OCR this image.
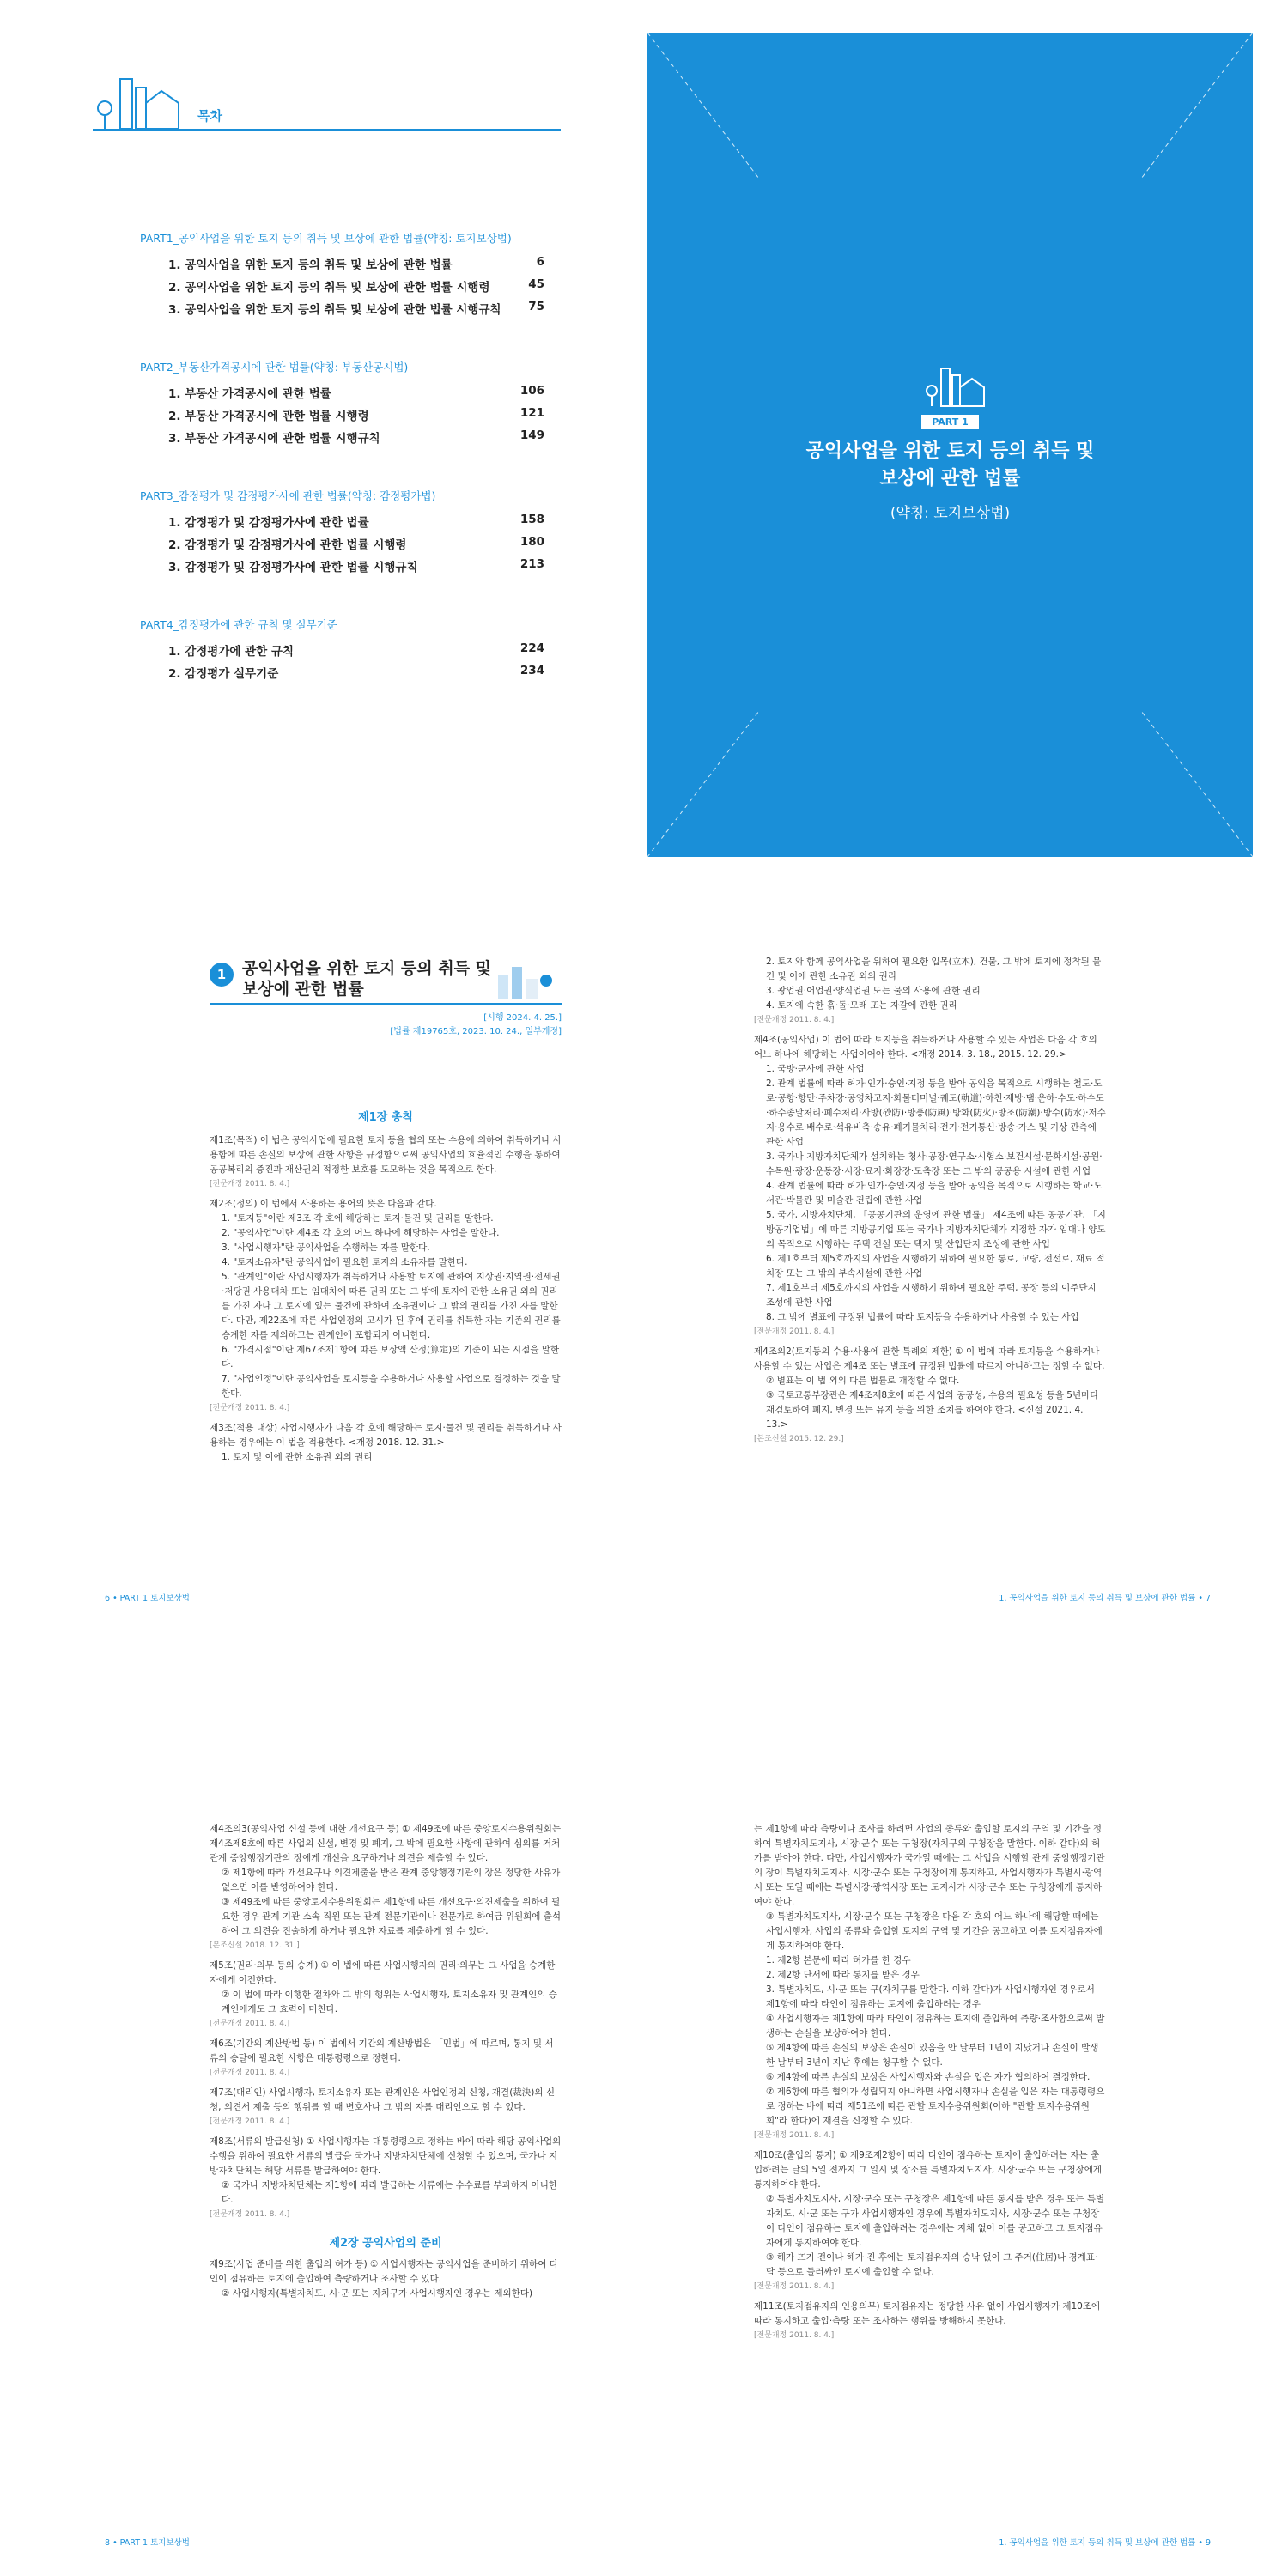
목차
PART1_공익사업을 위한 토지 등의 취득 및 보상에 관한 법률(약칭: 토지보상법)
1. 공익사업을 위한 토지 등의 취득 및 보상에 관한 법률	6
2. 공익사업을 위한 토지 등의 취득 및 보상에 관한 법률 시행령	45
3. 공익사업을 위한 토지 등의 취득 및 보상에 관한 법률 시행규칙 75
PART2_부동산가격공시에 관한 법률(약칭: 부동산공시법)
1. 부동산 가격공시에 관한 법률	106
2. 부동산 가격공시에 관한 법률 시행령	121
3. 부동산 가격공시에 관한 법률 시행규칙	149
PART3_감정평가 및 감정평가사에 관한 법률(약칭: 감정평가법)
1. 감정평가 및 감정평가사에 관한 법률	158
2. 감정평가 및 감정평가사에 관한 법률 시행령	180
3. 감정평가 및 감정평가사에 관한 법률 시행규칙	213
PART4_감정평가에 관한 규칙 및 실무기준
1. 감정평가에 관한 규칙	224
2. 감정평가 실무기준	234
PART 1
공익사업을 위한 토지 등의 취득 및
보상에 관한 법률
(약칭: 토지보상법)
1 공익사업을 위한 토지 등의 취득 및
보상에 관한 법률
[시행 2024. 4. 25.]
[법률 제19765호, 2023. 10. 24., 일부개정]
제1장 총칙
제1조(목적) 이 법은 공익사업에 필요한 토지 등을 협의 또는 수용에 의하여 취득하거나 사용함에 따른 손실의 보상에 관한 사항을 규정함으로써 공익사업의 효율적인 수행을 통하여 공공복리의 증진과 재산권의 적정한 보호를 도모하는 것을 목적으로 한다.
[전문개정 2011. 8. 4.]
제2조(정의) 이 법에서 사용하는 용어의 뜻은 다음과 같다.
1. "토지등"이란 제3조 각 호에 해당하는 토지·물건 및 권리를 말한다.
2. "공익사업"이란 제4조 각 호의 어느 하나에 해당하는 사업을 말한다.
3. "사업시행자"란 공익사업을 수행하는 자를 말한다.
4. "토지소유자"란 공익사업에 필요한 토지의 소유자를 말한다.
5. "관계인"이란 사업시행자가 취득하거나 사용할 토지에 관하여 지상권·지역권·전세권·저당권·사용대차 또는 임대차에 따른 권리 또는 그 밖에 토지에 관한 소유권 외의 권리를 가진 자나 그 토지에 있는 물건에 관하여 소유권이나 그 밖의 권리를 가진 자를 말한다. 다만, 제22조에 따른 사업인정의 고시가 된 후에 권리를 취득한 자는 기존의 권리를 승계한 자를 제외하고는 관계인에 포함되지 아니한다.
6. "가격시점"이란 제67조제1항에 따른 보상액 산정(算定)의 기준이 되는 시점을 말한다.
7. "사업인정"이란 공익사업을 토지등을 수용하거나 사용할 사업으로 결정하는 것을 말한다.
[전문개정 2011. 8. 4.]
제3조(적용 대상) 사업시행자가 다음 각 호에 해당하는 토지·물건 및 권리를 취득하거나 사용하는 경우에는 이 법을 적용한다. <개정 2018. 12. 31.>
1. 토지 및 이에 관한 소유권 외의 권리
6 • PART 1 토지보상법
2. 토지와 함께 공익사업을 위하여 필요한 입목(立木), 건물, 그 밖에 토지에 정착된 물건 및 이에 관한 소유권 외의 권리
3. 광업권·어업권·양식업권 또는 물의 사용에 관한 권리
4. 토지에 속한 흙·돌·모래 또는 자갈에 관한 권리
[전문개정 2011. 8. 4.]
제4조(공익사업) 이 법에 따라 토지등을 취득하거나 사용할 수 있는 사업은 다음 각 호의 어느 하나에 해당하는 사업이어야 한다. <개정 2014. 3. 18., 2015. 12. 29.>
1. 국방·군사에 관한 사업
2. 관계 법률에 따라 허가·인가·승인·지정 등을 받아 공익을 목적으로 시행하는 철도·도로·공항·항만·주차장·공영차고지·화물터미널·궤도(軌道)·하천·제방·댐·운하·수도·하수도·하수종말처리·폐수처리·사방(砂防)·방풍(防風)·방화(防火)·방조(防潮)·방수(防水)·저수지·용수로·배수로·석유비축·송유·폐기물처리·전기·전기통신·방송·가스 및 기상 관측에 관한 사업
3. 국가나 지방자치단체가 설치하는 청사·공장·연구소·시험소·보건시설·문화시설·공원·수목원·광장·운동장·시장·묘지·화장장·도축장 또는 그 밖의 공공용 시설에 관한 사업
4. 관계 법률에 따라 허가·인가·승인·지정 등을 받아 공익을 목적으로 시행하는 학교·도서관·박물관 및 미술관 건립에 관한 사업
5. 국가, 지방자치단체, 「공공기관의 운영에 관한 법률」 제4조에 따른 공공기관, 「지방공기업법」에 따른 지방공기업 또는 국가나 지방자치단체가 지정한 자가 임대나 양도의 목적으로 시행하는 주택 건설 또는 택지 및 산업단지 조성에 관한 사업
6. 제1호부터 제5호까지의 사업을 시행하기 위하여 필요한 통로, 교량, 전선로, 재료 적치장 또는 그 밖의 부속시설에 관한 사업
7. 제1호부터 제5호까지의 사업을 시행하기 위하여 필요한 주택, 공장 등의 이주단지 조성에 관한 사업
8. 그 밖에 별표에 규정된 법률에 따라 토지등을 수용하거나 사용할 수 있는 사업
[전문개정 2011. 8. 4.]
제4조의2(토지등의 수용·사용에 관한 특례의 제한) ① 이 법에 따라 토지등을 수용하거나 사용할 수 있는 사업은 제4조 또는 별표에 규정된 법률에 따르지 아니하고는 정할 수 없다.
② 별표는 이 법 외의 다른 법률로 개정할 수 없다.
③ 국토교통부장관은 제4조제8호에 따른 사업의 공공성, 수용의 필요성 등을 5년마다 재검토하여 폐지, 변경 또는 유지 등을 위한 조치를 하여야 한다. <신설 2021. 4. 13.>
[본조신설 2015. 12. 29.]
1. 공익사업을 위한 토지 등의 취득 및 보상에 관한 법률 • 7
제4조의3(공익사업 신설 등에 대한 개선요구 등) ① 제49조에 따른 중앙토지수용위원회는 제4조제8호에 따른 사업의 신설, 변경 및 폐지, 그 밖에 필요한 사항에 관하여 심의를 거쳐 관계 중앙행정기관의 장에게 개선을 요구하거나 의견을 제출할 수 있다.
② 제1항에 따라 개선요구나 의견제출을 받은 관계 중앙행정기관의 장은 정당한 사유가 없으면 이를 반영하여야 한다.
③ 제49조에 따른 중앙토지수용위원회는 제1항에 따른 개선요구·의견제출을 위하여 필요한 경우 관계 기관 소속 직원 또는 관계 전문기관이나 전문가로 하여금 위원회에 출석하여 그 의견을 진술하게 하거나 필요한 자료를 제출하게 할 수 있다.
[본조신설 2018. 12. 31.]
제5조(권리·의무 등의 승계) ① 이 법에 따른 사업시행자의 권리·의무는 그 사업을 승계한 자에게 이전한다.
② 이 법에 따라 이행한 절차와 그 밖의 행위는 사업시행자, 토지소유자 및 관계인의 승계인에게도 그 효력이 미친다.
[전문개정 2011. 8. 4.]
제6조(기간의 계산방법 등) 이 법에서 기간의 계산방법은 「민법」에 따르며, 통지 및 서류의 송달에 필요한 사항은 대통령령으로 정한다.
[전문개정 2011. 8. 4.]
제7조(대리인) 사업시행자, 토지소유자 또는 관계인은 사업인정의 신청, 재결(裁決)의 신청, 의견서 제출 등의 행위를 할 때 변호사나 그 밖의 자를 대리인으로 할 수 있다.
[전문개정 2011. 8. 4.]
제8조(서류의 발급신청) ① 사업시행자는 대통령령으로 정하는 바에 따라 해당 공익사업의 수행을 위하여 필요한 서류의 발급을 국가나 지방자치단체에 신청할 수 있으며, 국가나 지방자치단체는 해당 서류를 발급하여야 한다.
② 국가나 지방자치단체는 제1항에 따라 발급하는 서류에는 수수료를 부과하지 아니한다.
[전문개정 2011. 8. 4.]
제2장 공익사업의 준비
제9조(사업 준비를 위한 출입의 허가 등) ① 사업시행자는 공익사업을 준비하기 위하여 타인이 점유하는 토지에 출입하여 측량하거나 조사할 수 있다.
② 사업시행자(특별자치도, 시·군 또는 자치구가 사업시행자인 경우는 제외한다)
8 • PART 1 토지보상법
는 제1항에 따라 측량이나 조사를 하려면 사업의 종류와 출입할 토지의 구역 및 기간을 정하여 특별자치도지사, 시장·군수 또는 구청장(자치구의 구청장을 말한다. 이하 같다)의 허가를 받아야 한다. 다만, 사업시행자가 국가일 때에는 그 사업을 시행할 관계 중앙행정기관의 장이 특별자치도지사, 시장·군수 또는 구청장에게 통지하고, 사업시행자가 특별시·광역시 또는 도일 때에는 특별시장·광역시장 또는 도지사가 시장·군수 또는 구청장에게 통지하여야 한다.
③ 특별자치도지사, 시장·군수 또는 구청장은 다음 각 호의 어느 하나에 해당할 때에는 사업시행자, 사업의 종류와 출입할 토지의 구역 및 기간을 공고하고 이를 토지점유자에게 통지하여야 한다.
1. 제2항 본문에 따라 허가를 한 경우
2. 제2항 단서에 따라 통지를 받은 경우
3. 특별자치도, 시·군 또는 구(자치구를 말한다. 이하 같다)가 사업시행자인 경우로서 제1항에 따라 타인이 점유하는 토지에 출입하려는 경우
④ 사업시행자는 제1항에 따라 타인이 점유하는 토지에 출입하여 측량·조사함으로써 발생하는 손실을 보상하여야 한다.
⑤ 제4항에 따른 손실의 보상은 손실이 있음을 안 날부터 1년이 지났거나 손실이 발생한 날부터 3년이 지난 후에는 청구할 수 없다.
⑥ 제4항에 따른 손실의 보상은 사업시행자와 손실을 입은 자가 협의하여 결정한다.
⑦ 제6항에 따른 협의가 성립되지 아니하면 사업시행자나 손실을 입은 자는 대통령령으로 정하는 바에 따라 제51조에 따른 관할 토지수용위원회(이하 "관할 토지수용위원회"라 한다)에 재결을 신청할 수 있다.
[전문개정 2011. 8. 4.]
제10조(출입의 통지) ① 제9조제2항에 따라 타인이 점유하는 토지에 출입하려는 자는 출입하려는 날의 5일 전까지 그 일시 및 장소를 특별자치도지사, 시장·군수 또는 구청장에게 통지하여야 한다.
② 특별자치도지사, 시장·군수 또는 구청장은 제1항에 따른 통지를 받은 경우 또는 특별자치도, 시·군 또는 구가 사업시행자인 경우에 특별자치도지사, 시장·군수 또는 구청장이 타인이 점유하는 토지에 출입하려는 경우에는 지체 없이 이를 공고하고 그 토지점유자에게 통지하여야 한다.
③ 해가 뜨기 전이나 해가 진 후에는 토지점유자의 승낙 없이 그 주거(住居)나 경계표·담 등으로 둘러싸인 토지에 출입할 수 없다.
[전문개정 2011. 8. 4.]
제11조(토지점유자의 인용의무) 토지점유자는 정당한 사유 없이 사업시행자가 제10조에 따라 통지하고 출입·측량 또는 조사하는 행위를 방해하지 못한다.
[전문개정 2011. 8. 4.]
1. 공익사업을 위한 토지 등의 취득 및 보상에 관한 법률 • 9
